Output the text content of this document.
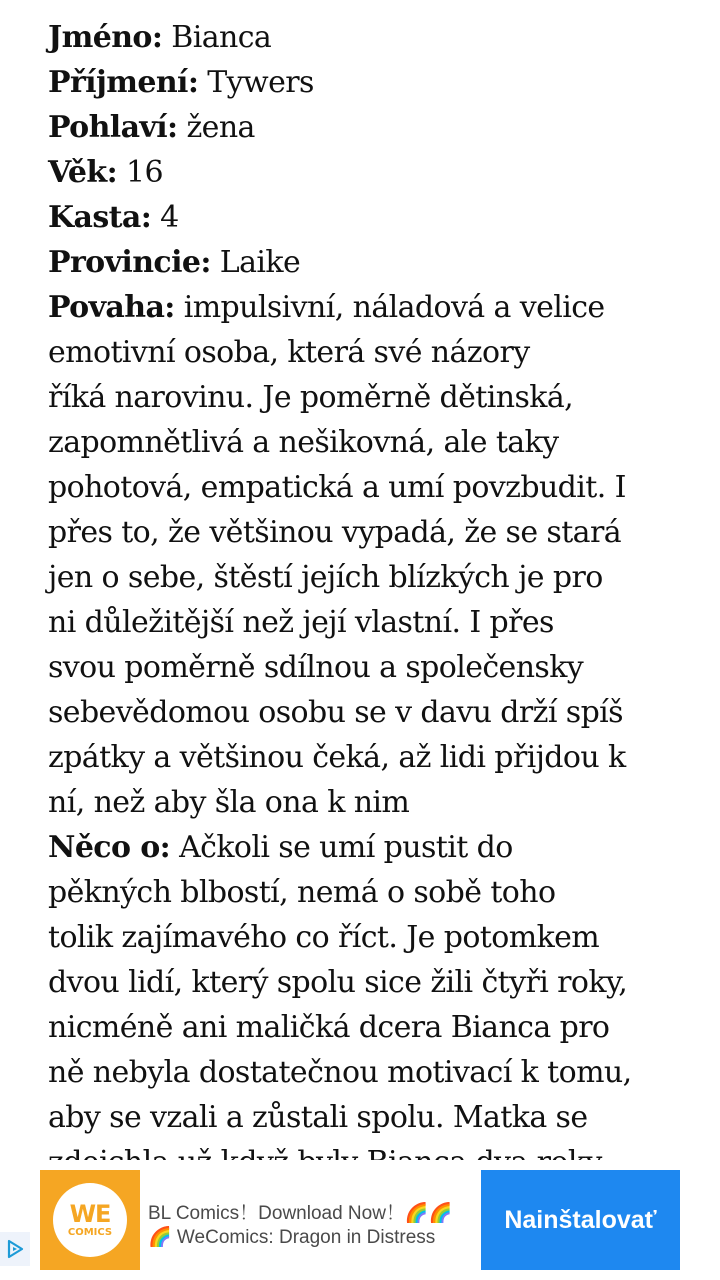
Jméno: Bianca
Příjmení: Tywers
Pohlaví: žena
Věk: 16
Kasta: 4
Provincie: Laike
Povaha: impulsivní, náladová a velice
emotivní osoba, která své názory
říká narovinu. Je poměrně dětinská,
zapomnětlivá a nešikovná, ale taky
pohotová, empatická a umí povzbudit. I
přes to, že většinou vypadá, že se stará
jen o sebe, štěstí jejích blízkých je pro
ni důležitější než její vlastní. I přes
svou poměrně sdílnou a společensky
sebevědomou osobu se v davu drží spíš
zpátky a většinou čeká, až lidi přijdou k
ní, než aby šla ona k nim
Něco o: Ačkoli se umí pustit do
pěkných blbostí, nemá o sobě toho
tolik zajímavého co říct. Je potomkem
dvou lidí, který spolu sice žili čtyři roky,
nicméně ani maličká dcera Bianca pro
ně nebyla dostatečnou motivací k tomu,
aby se vzali a zůstali spolu. Matka se
WE
COMICS
BL Comics！Download Now！🌈🌈
🌈 WeComics: Dragon in Distress
Nainštalovať
